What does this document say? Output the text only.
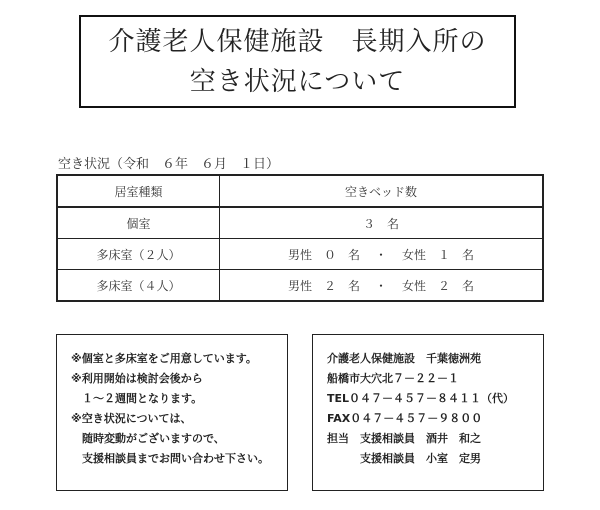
介護老人保健施設　長期入所の
空き状況について
空き状況（令和　６年　６月　１日）
居室種類	空きベッド数
個室	３　名
多床室（２人）	男性　０　名 ・ 女性　１　名
多床室（４人）	男性　２　名 ・ 女性　２　名

※個室と多床室をご用意しています。

※利用開始は検討会後から

　１～２週間となります。

※空き状況については、

　随時変動がございますので、

　支援相談員までお問い合わせ下さい。

介護老人保健施設　千葉徳洲苑

船橋市大穴北７－２２－１

TEL０４７－４５７－８４１１（代）

FAX０４７－４５７－９８００

担当　支援相談員　酒井　和之

　　　支援相談員　小室　定男
